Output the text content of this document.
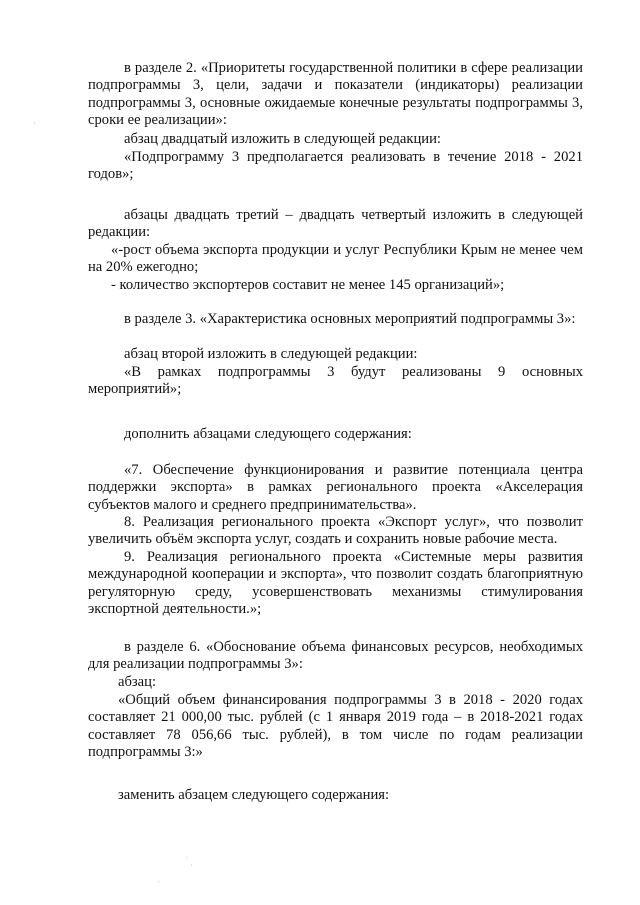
в разделе 2. «Приоритеты государственной политики в сфере реализации подпрограммы 3, цели, задачи и показатели (индикаторы) реализации подпрограммы 3, основные ожидаемые конечные результаты подпрограммы 3, сроки ее реализации»:

абзац двадцатый изложить в следующей редакции:

«Подпрограмму 3 предполагается реализовать в течение 2018 - 2021 годов»;

абзацы двадцать третий – двадцать четвертый изложить в следующей редакции:

«-рост объема экспорта продукции и услуг Республики Крым не менее чем на 20% ежегодно;

- количество экспортеров составит не менее 145 организаций»;

в разделе 3. «Характеристика основных мероприятий подпрограммы 3»:

абзац второй изложить в следующей редакции:

«В рамках подпрограммы 3 будут реализованы 9 основных мероприятий»;

дополнить абзацами следующего содержания:

«7. Обеспечение функционирования и развитие потенциала центра поддержки экспорта» в рамках регионального проекта «Акселерация субъектов малого и среднего предпринимательства».

8. Реализация регионального проекта «Экспорт услуг», что позволит увеличить объём экспорта услуг, создать и сохранить новые рабочие места.

9. Реализация регионального проекта «Системные меры развития международной кооперации и экспорта», что позволит создать благоприятную регуляторную среду, усовершенствовать механизмы стимулирования экспортной деятельности.»;

в разделе 6. «Обоснование объема финансовых ресурсов, необходимых для реализации подпрограммы 3»:

абзац:

«Общий объем финансирования подпрограммы 3 в 2018 - 2020 годах составляет 21 000,00 тыс. рублей (с 1 января 2019 года – в 2018-2021 годах составляет 78 056,66 тыс. рублей), в том числе по годам реализации подпрограммы 3:»

заменить абзацем следующего содержания:

'
.
·
.
